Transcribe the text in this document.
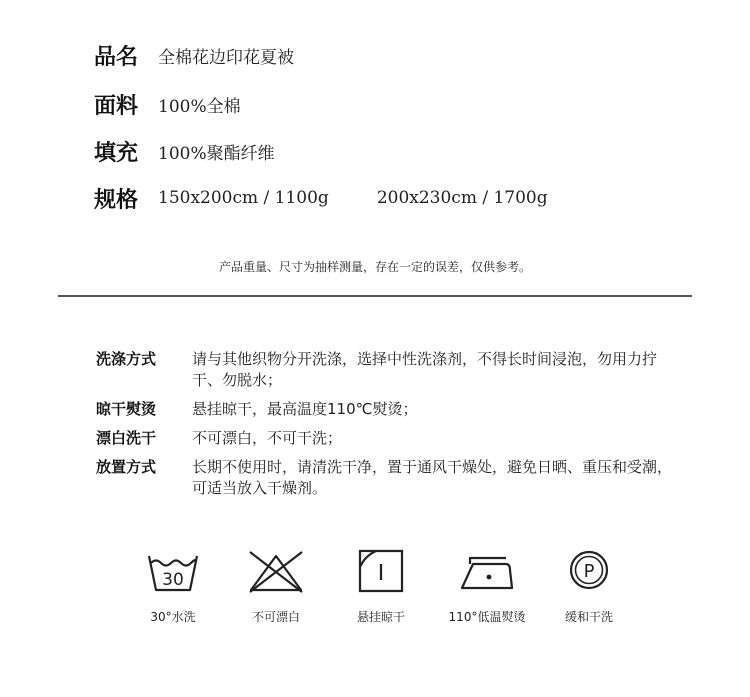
品名	全棉花边印花夏被
面料	100%全棉
填充	100%聚酯纤维
规格	150x200cm / 1100g	200x230cm / 1700g
产品重量、尺寸为抽样测量，存在一定的误差，仅供参考。
洗涤方式	请与其他织物分开洗涤，选择中性洗涤剂，不得长时间浸泡，勿用力拧干、勿脱水；
晾干熨烫	悬挂晾干，最高温度110℃熨烫；
漂白洗干	不可漂白，不可干洗；
放置方式	长期不使用时，请清洗干净，置于通风干燥处，避免日晒、重压和受潮，可适当放入干燥剂。
30
30°水洗	不可漂白	悬挂晾干	110°低温熨烫
P
缓和干洗
